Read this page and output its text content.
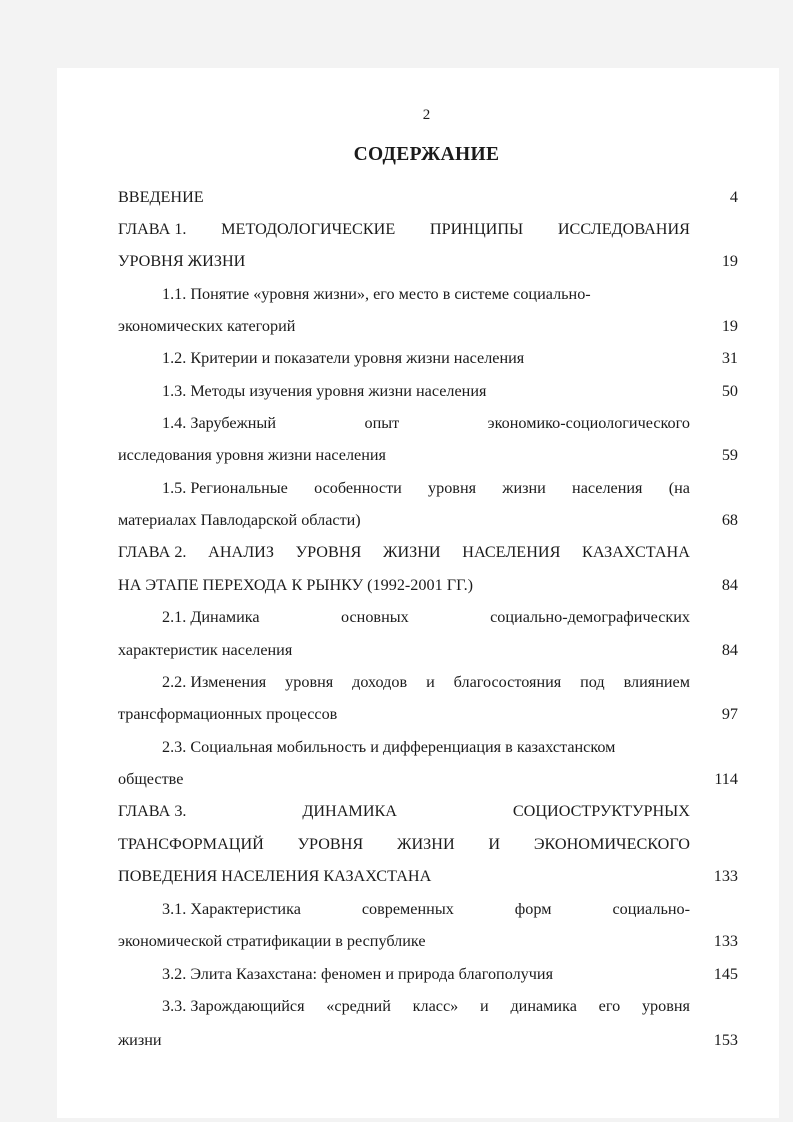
2
СОДЕРЖАНИЕ
ВВЕДЕНИЕ	4
ГЛАВА 1. МЕТОДОЛОГИЧЕСКИЕ ПРИНЦИПЫ ИССЛЕДОВАНИЯ
УРОВНЯ ЖИЗНИ	19
1.1. Понятие «уровня жизни», его место в системе социально-
экономических категорий	19
1.2. Критерии и показатели уровня жизни населения	31
1.3. Методы изучения уровня жизни населения	50
1.4. Зарубежный	опыт	экономико-социологического
исследования уровня жизни населения	59
1.5. Региональные особенности уровня жизни населения (на
материалах Павлодарской области)	68
ГЛАВА 2. АНАЛИЗ УРОВНЯ ЖИЗНИ НАСЕЛЕНИЯ КАЗАХСТАНА
НА ЭТАПЕ ПЕРЕХОДА К РЫНКУ (1992-2001 ГГ.)	84
2.1. Динамика	основных	социально-демографических
характеристик населения	84
2.2. Изменения уровня доходов и благосостояния под влиянием
трансформационных процессов	97
2.3. Социальная мобильность и дифференциация в казахстанском
обществе	114
ГЛАВА 3.	ДИНАМИКА	СОЦИОСТРУКТУРНЫХ
ТРАНСФОРМАЦИЙ УРОВНЯ ЖИЗНИ И ЭКОНОМИЧЕСКОГО
ПОВЕДЕНИЯ НАСЕЛЕНИЯ КАЗАХСТАНА	133
3.1. Характеристика	современных	форм	социально-
экономической стратификации в республике	133
3.2. Элита Казахстана: феномен и природа благополучия	145
3.3. Зарождающийся «средний класс» и динамика его уровня
жизни	153
